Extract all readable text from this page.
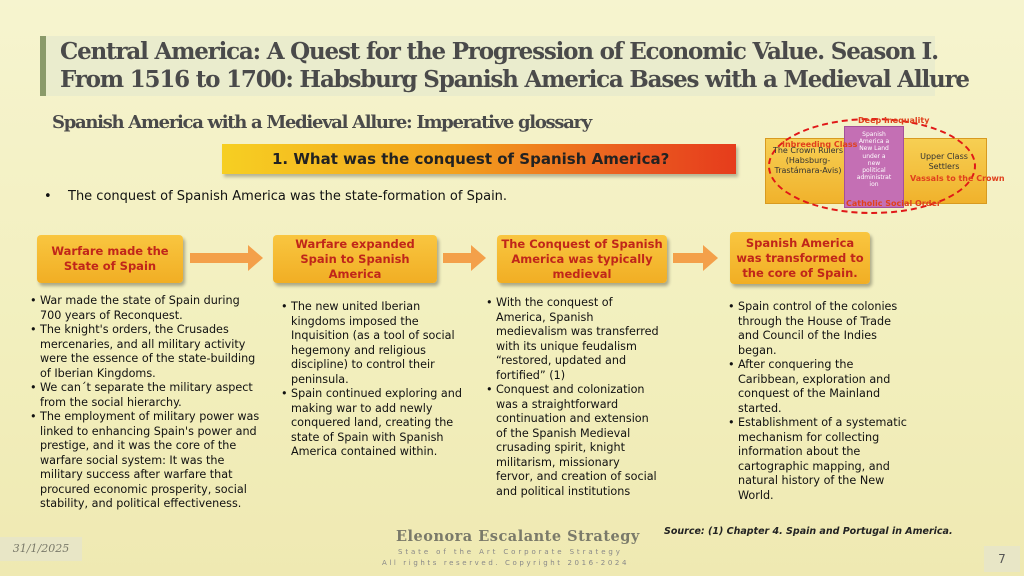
Central America: A Quest for the Progression of Economic Value. Season I.
From 1516 to 1700: Habsburg Spanish America Bases with a Medieval Allure
Spanish America with a Medieval Allure: Imperative glossary
1. What was the conquest of Spanish America?
• The conquest of Spanish America was the state-formation of Spain.
Spanish
America a
New Land
under a
new
political
administrat
ion
The Crown Rulers
(Habsburg-
Trastámara-Avis)
Upper Class
Settlers
Deep Inequality
Inbreeding Class
Vassals to the Crown
Catholic Social Order
Warfare made the State of Spain
Warfare expanded Spain to Spanish America
The Conquest of Spanish America was typically medieval
Spanish America was transformed to the core of Spain.
• War made the state of Spain during 700 years of Reconquest.
• The knight's orders, the Crusades mercenaries, and all military activity were the essence of the state-building of Iberian Kingdoms.
• We can´t separate the military aspect from the social hierarchy.
• The employment of military power was linked to enhancing Spain's power and prestige, and it was the core of the warfare social system: It was the military success after warfare that procured economic prosperity, social stability, and political effectiveness.
• The new united Iberian kingdoms imposed the Inquisition (as a tool of social hegemony and religious discipline) to control their peninsula.
• Spain continued exploring and making war to add newly conquered land, creating the state of Spain with Spanish America contained within.
• With the conquest of America, Spanish medievalism was transferred with its unique feudalism “restored, updated and fortified” (1)
• Conquest and colonization was a straightforward continuation and extension of the Spanish Medieval crusading spirit, knight militarism, missionary fervor, and creation of social and political institutions
• Spain control of the colonies through the House of Trade and Council of the Indies began.
• After conquering the Caribbean, exploration and conquest of the Mainland started.
• Establishment of a systematic mechanism for collecting information about the cartographic mapping, and natural history of the New World.
Source: (1) Chapter 4. Spain and Portugal in America.
Eleonora Escalante Strategy
State of the Art Corporate Strategy
All rights reserved. Copyright 2016-2024
31/1/2025
7
